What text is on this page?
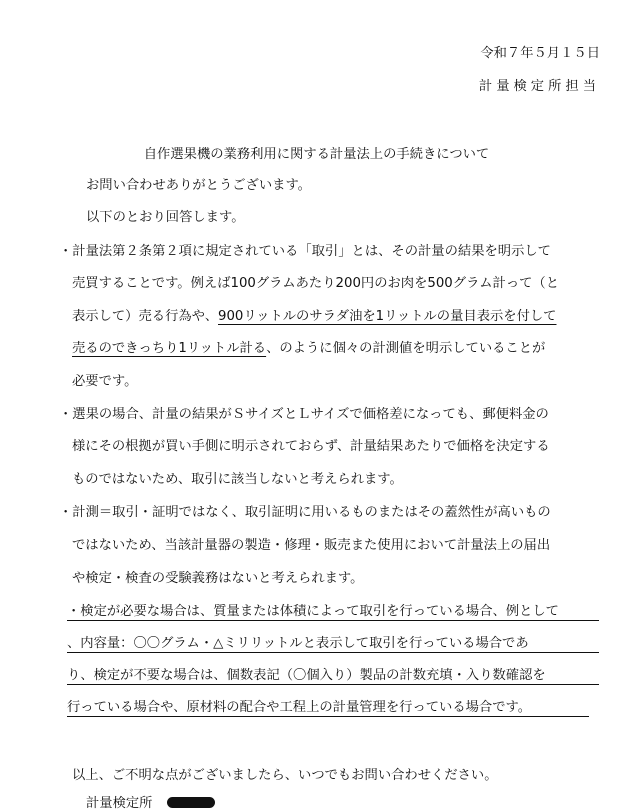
令和７年５月１５日
計量検定所担当
自作選果機の業務利用に関する計量法上の手続きについて
お問い合わせありがとうございます。
以下のとおり回答します。
・計量法第２条第２項に規定されている「取引」とは、その計量の結果を明示して
売買することです。例えば100グラムあたり200円のお肉を500グラム計って（と
表示して）売る行為や、900リットルのサラダ油を1リットルの量目表示を付して
売るのできっちり1リットル計る、のように個々の計測値を明示していることが
必要です。
・選果の場合、計量の結果がＳサイズとＬサイズで価格差になっても、郵便料金の
様にその根拠が買い手側に明示されておらず、計量結果あたりで価格を決定する
ものではないため、取引に該当しないと考えられます。
・計測＝取引・証明ではなく、取引証明に用いるものまたはその蓋然性が高いもの
ではないため、当該計量器の製造・修理・販売また使用において計量法上の届出
や検定・検査の受験義務はないと考えられます。
・検定が必要な場合は、質量または体積によって取引を行っている場合、例として
、内容量：〇〇グラム・△ミリリットルと表示して取引を行っている場合であ
り、検定が不要な場合は、個数表記（〇個入り）製品の計数充填・入り数確認を
行っている場合や、原材料の配合や工程上の計量管理を行っている場合です。
以上、ご不明な点がございましたら、いつでもお問い合わせください。
計量検定所
